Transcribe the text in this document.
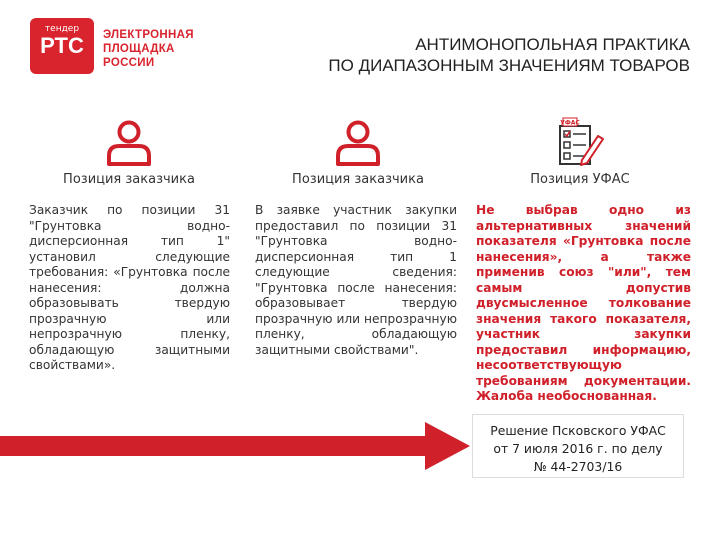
тендер
РТС	ЭЛЕКТРОННАЯ
ПЛОЩАДКА
РОССИИ
АНТИМОНОПОЛЬНАЯ ПРАКТИКА
ПО ДИАПАЗОННЫМ ЗНАЧЕНИЯМ ТОВАРОВ
УФАС
Позиция заказчика	Позиция заказчика	Позиция УФАС
Заказчик по позиции 31 "Грунтовка водно-дисперсионная тип 1" установил следующие требования: «Грунтовка после нанесения: должна образовывать твердую прозрачную или непрозрачную пленку, обладающую защитными свойствами».
В заявке участник закупки предоставил по позиции 31 "Грунтовка водно-дисперсионная тип 1 следующие сведения: "Грунтовка после нанесения: образовывает твердую прозрачную или непрозрачную пленку, обладающую защитными свойствами".
Не выбрав одно из альтернативных значений показателя «Грунтовка после нанесения», а также применив союз "или", тем самым допустив двусмысленное толкование значения такого показателя, участник закупки предоставил информацию, несоответствующую требованиям документации. Жалоба необоснованная.
Решение Псковского УФАС
от 7 июля 2016 г. по делу
№ 44-2703/16
